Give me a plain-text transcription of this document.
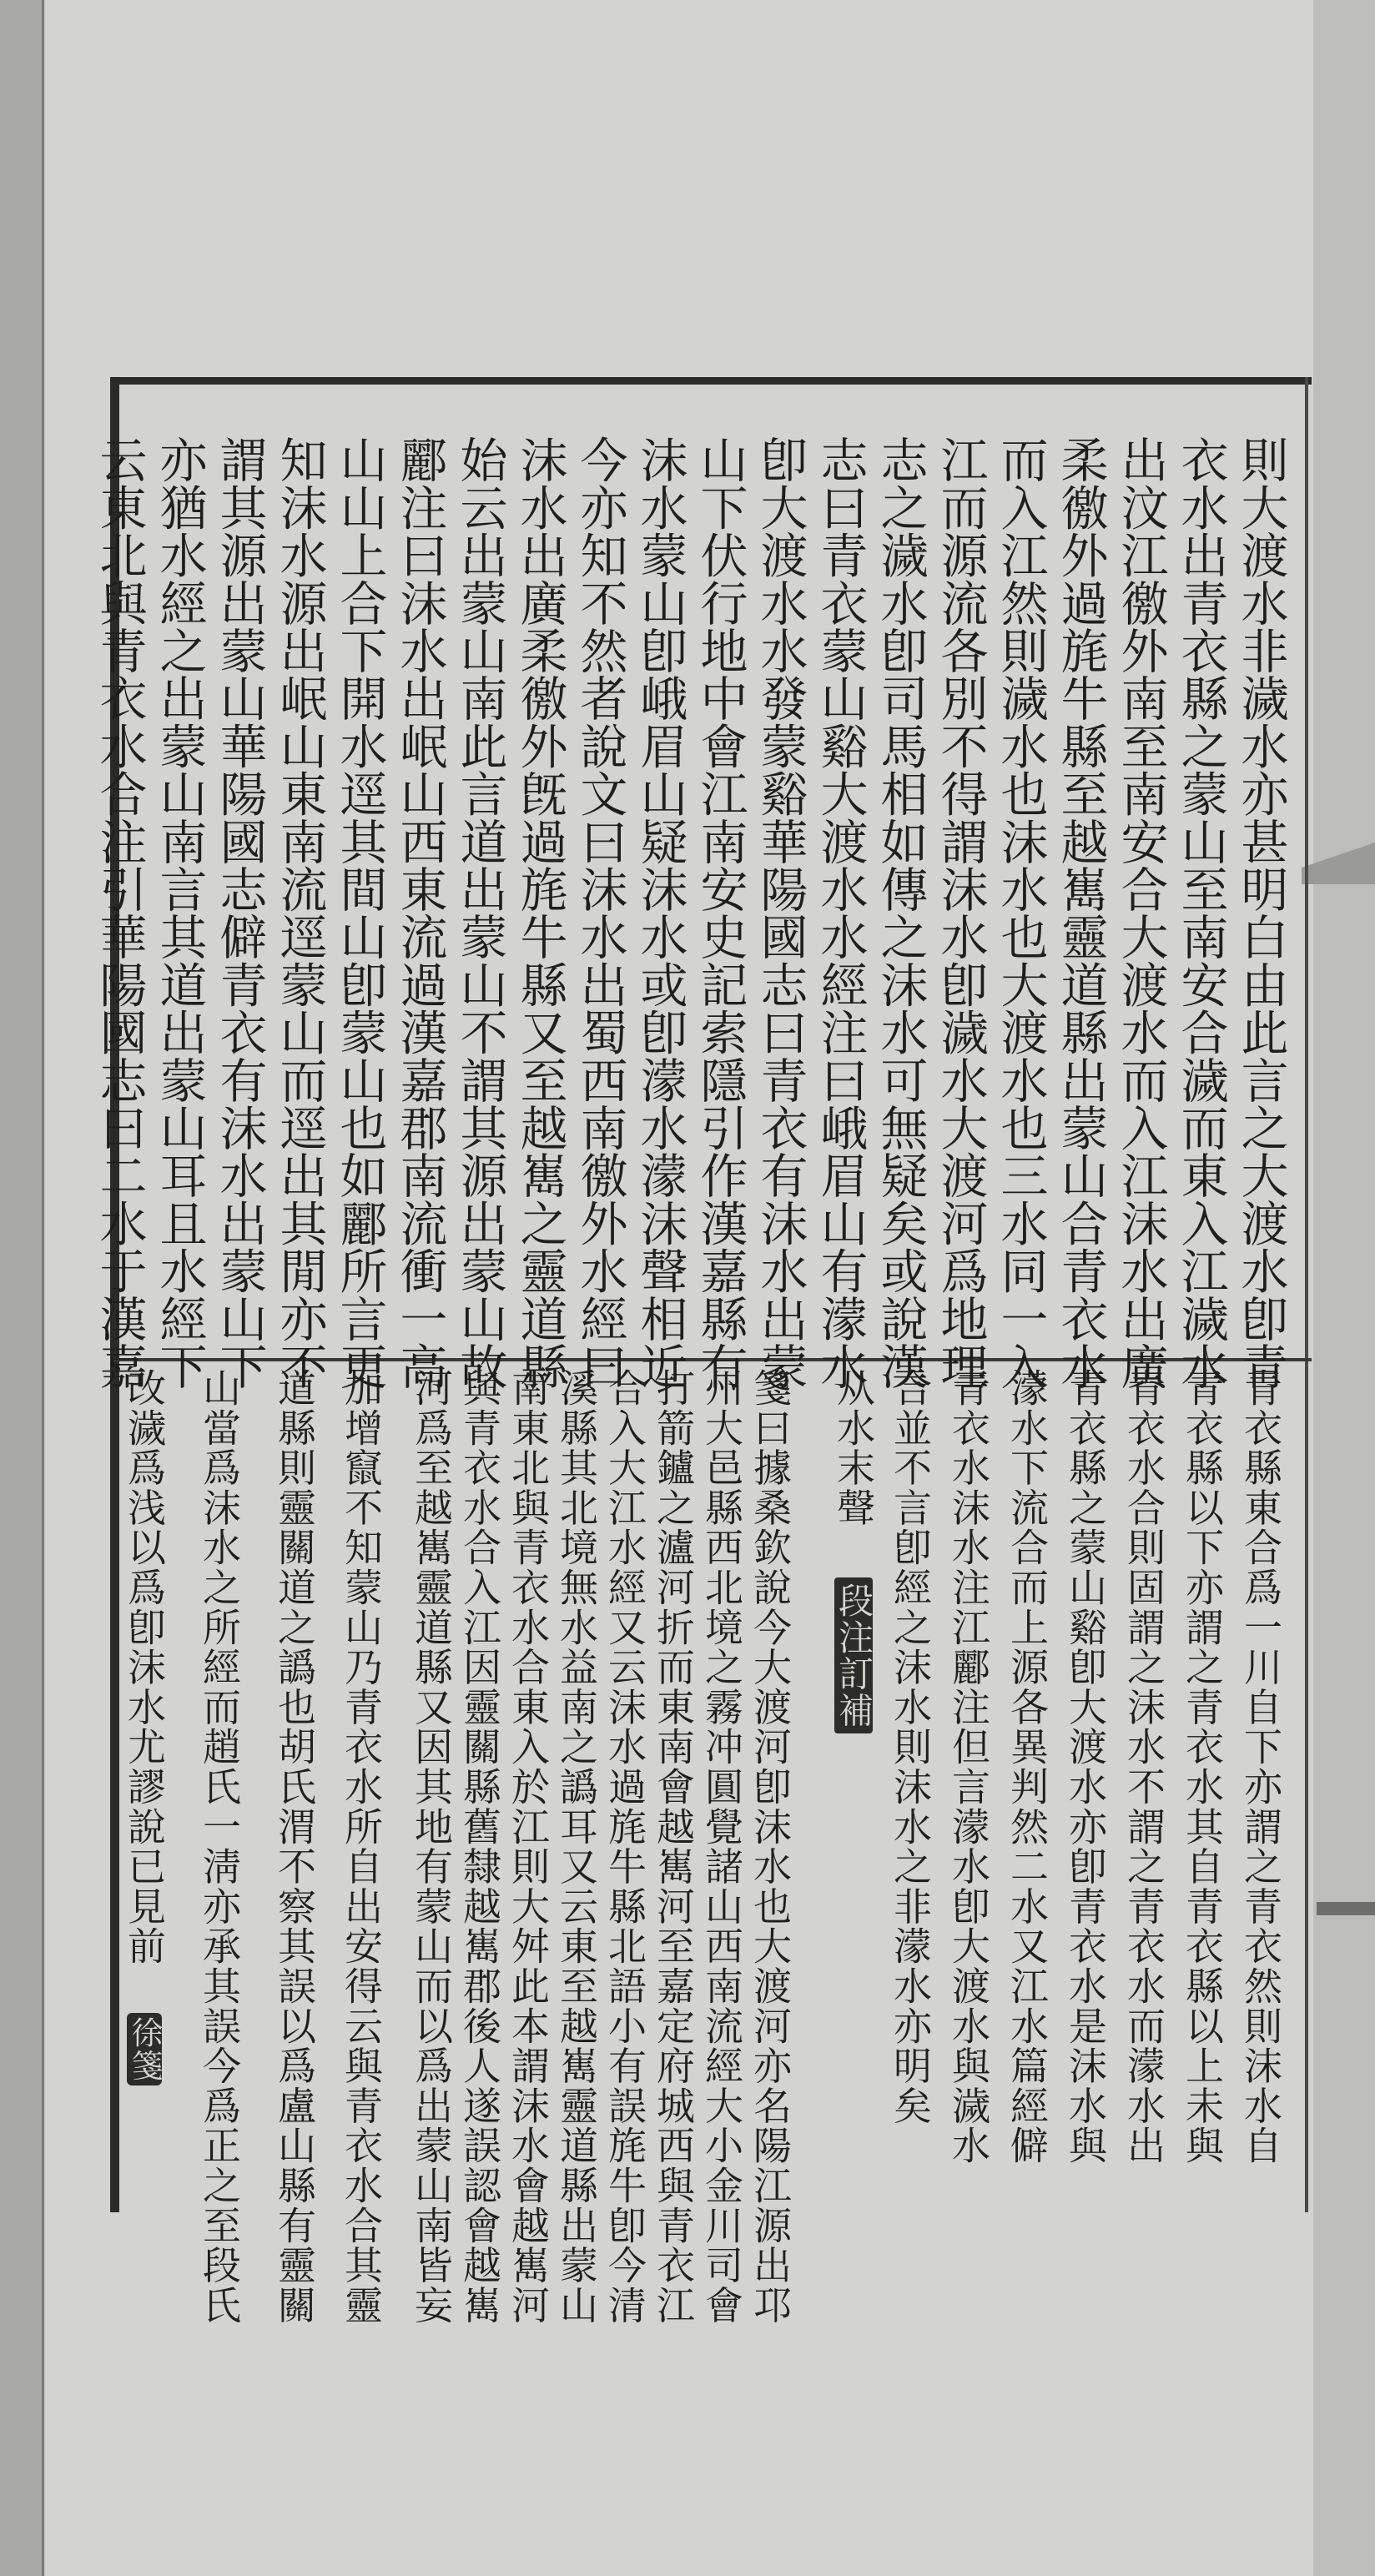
則大渡水非濊水亦甚明白由此言之大渡水卽青
衣水出青衣縣之蒙山至南安合濊而東入江濊水
出汶江徼外南至南安合大渡水而入江沫水出廣
柔徼外過旄牛縣至越嶲靈道縣出蒙山合青衣水
而入江然則濊水也沫水也大渡水也三水同一入
江而源流各別不得謂沫水卽濊水大渡河爲地理
志之濊水卽司馬相如傳之沫水可無疑矣或說漢
志曰青衣蒙山谿大渡水水經注曰峨眉山有濛水
卽大渡水水發蒙谿華陽國志曰青衣有沫水出蒙
山下伏行地中會江南安史記索隱引作漢嘉縣有
沫水蒙山卽峨眉山疑沫水或卽濛水濛沫聲相近
今亦知不然者說文曰沫水出蜀西南徼外水經曰
沫水出廣柔徼外旣過旄牛縣又至越嶲之靈道縣
始云出蒙山南此言道出蒙山不謂其源出蒙山故
酈注曰沫水出岷山西東流過漢嘉郡南流衝一高
山山上合下開水逕其間山卽蒙山也如酈所言更
知沫水源出岷山東南流逕蒙山而逕出其閒亦不
謂其源出蒙山華陽國志僻青衣有沫水出蒙山下
亦猶水經之出蒙山南言其道出蒙山耳且水經下
云東北與青衣水合注引華陽國志曰二水于漢嘉
青衣縣東合爲一川自下亦謂之青衣然則沫水自
青衣縣以下亦謂之青衣水其自青衣縣以上未與
青衣水合則固謂之沫水不謂之青衣水而濛水出
青衣縣之蒙山谿卽大渡水亦卽青衣水是沫水與
濛水下流合而上源各異判然二水又江水篇經僻
青衣水沫水注江酈注但言濛水卽大渡水與濊水
合並不言卽經之沫水則沫水之非濛水亦明矣
从水末聲 段注訂補
箋曰據桑欽說今大渡河卽沫水也大渡河亦名陽江源出邛
州大邑縣西北境之霧冲圓覺諸山西南流經大小金川司會
打箭鑪之瀘河折而東南會越嶲河至嘉定府城西與青衣江
合入大江水經又云沫水過旄牛縣北語小有誤旄牛卽今清
溪縣其北境無水益南之譌耳又云東至越嶲靈道縣出蒙山
南東北與青衣水合東入於江則大舛此本謂沫水會越嶲河
與青衣水合入江因靈關縣舊隸越嶲郡後人遂誤認會越嶲
河爲至越嶲靈道縣又因其地有蒙山而以爲出蒙山南皆妄
加增竄不知蒙山乃青衣水所自出安得云與青衣水合其靈
道縣則靈關道之譌也胡氏渭不察其誤以爲盧山縣有靈關
山當爲沫水之所經而趙氏一淸亦承其誤今爲正之至段氏
改濊爲浅以爲卽沫水尤謬說已見前 徐箋
